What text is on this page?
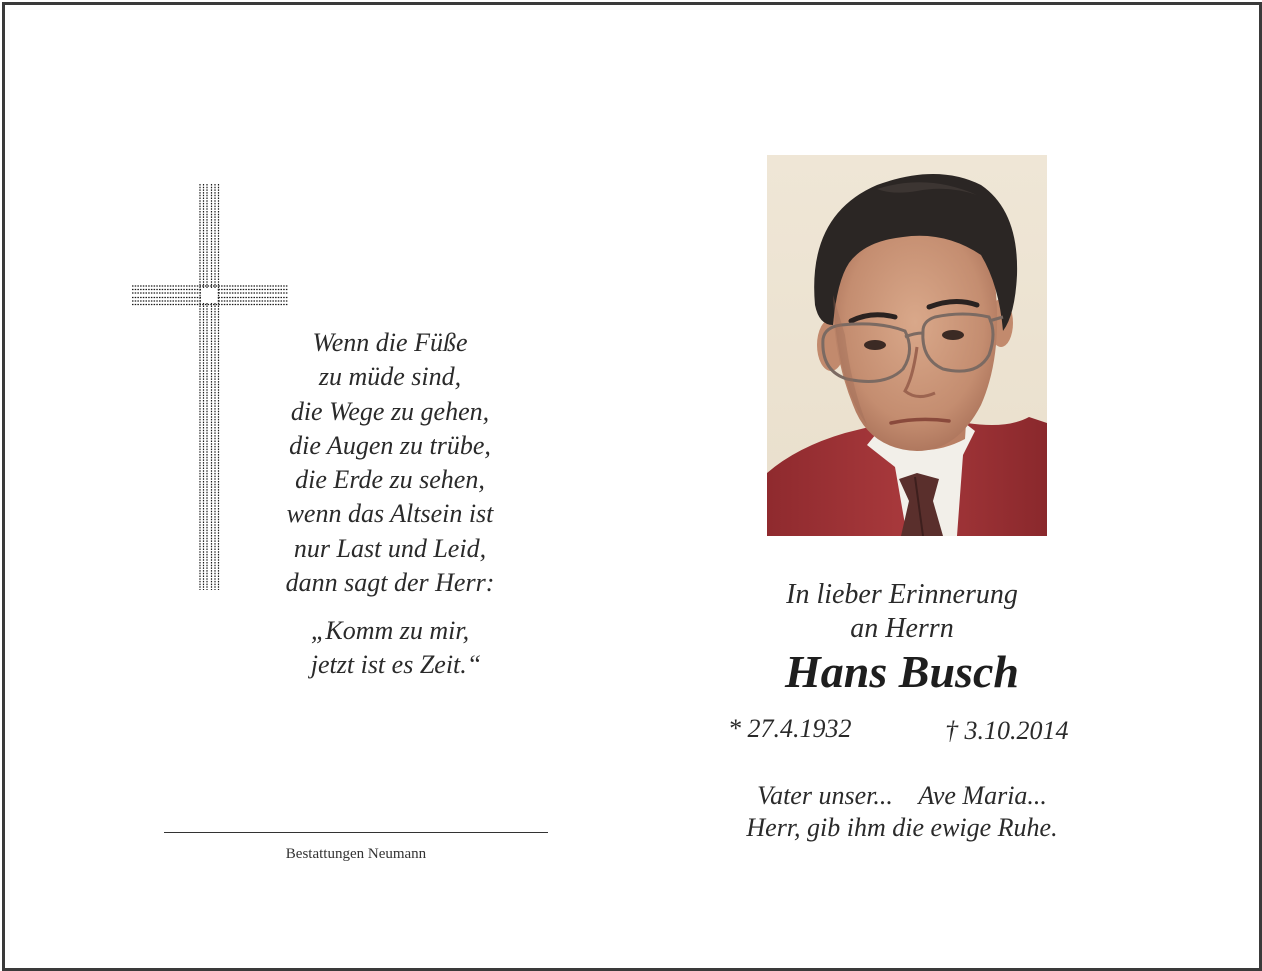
Wenn die Füße
zu müde sind,
die Wege zu gehen,
die Augen zu trübe,
die Erde zu sehen,
wenn das Altsein ist
nur Last und Leid,
dann sagt der Herr:
„Komm zu mir,
jetzt ist es Zeit.“
Bestattungen Neumann
In lieber Erinnerung
an Herrn
Hans Busch
* 27.4.1932	† 3.10.2014
Vater unser...    Ave Maria...
Herr, gib ihm die ewige Ruhe.
